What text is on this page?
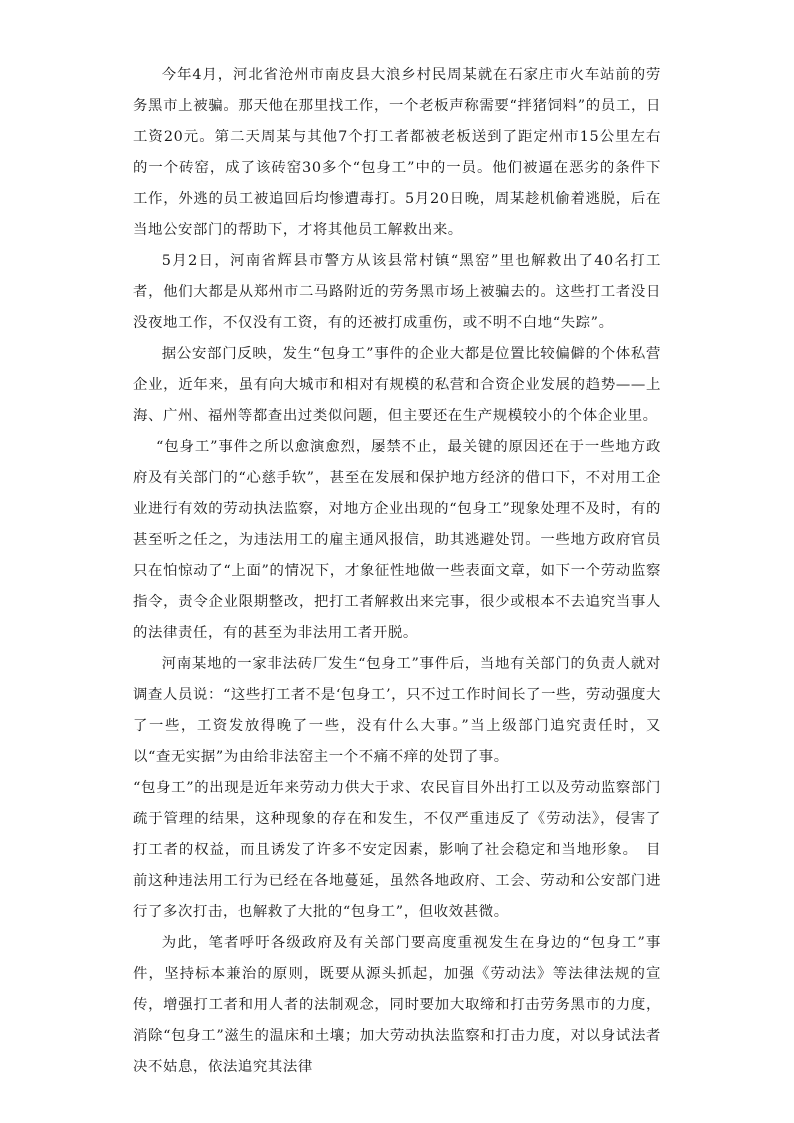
今年4月，河北省沧州市南皮县大浪乡村民周某就在石家庄市火车站前的劳务黑市上被骗。那天他在那里找工作，一个老板声称需要“拌猪饲料”的员工，日工资20元。第二天周某与其他7个打工者都被老板送到了距定州市15公里左右的一个砖窑，成了该砖窑30多个“包身工”中的一员。他们被逼在恶劣的条件下工作，外逃的员工被追回后均惨遭毒打。5月20日晚，周某趁机偷着逃脱，后在当地公安部门的帮助下，才将其他员工解救出来。

5月2日，河南省辉县市警方从该县常村镇“黑窑”里也解救出了40名打工者，他们大都是从郑州市二马路附近的劳务黑市场上被骗去的。这些打工者没日没夜地工作，不仅没有工资，有的还被打成重伤，或不明不白地“失踪”。

据公安部门反映，发生“包身工”事件的企业大都是位置比较偏僻的个体私营企业，近年来，虽有向大城市和相对有规模的私营和合资企业发展的趋势——上海、广州、福州等都查出过类似问题，但主要还在生产规模较小的个体企业里。

“包身工”事件之所以愈演愈烈，屡禁不止，最关键的原因还在于一些地方政府及有关部门的“心慈手软”，甚至在发展和保护地方经济的借口下，不对用工企业进行有效的劳动执法监察，对地方企业出现的“包身工”现象处理不及时，有的甚至听之任之，为违法用工的雇主通风报信，助其逃避处罚。一些地方政府官员只在怕惊动了“上面”的情况下，才象征性地做一些表面文章，如下一个劳动监察指令，责令企业限期整改，把打工者解救出来完事，很少或根本不去追究当事人的法律责任，有的甚至为非法用工者开脱。

河南某地的一家非法砖厂发生“包身工”事件后，当地有关部门的负责人就对调查人员说：“这些打工者不是‘包身工’，只不过工作时间长了一些，劳动强度大了一些，工资发放得晚了一些，没有什么大事。”当上级部门追究责任时，又以“查无实据”为由给非法窑主一个不痛不痒的处罚了事。

“包身工”的出现是近年来劳动力供大于求、农民盲目外出打工以及劳动监察部门疏于管理的结果，这种现象的存在和发生，不仅严重违反了《劳动法》，侵害了打工者的权益，而且诱发了许多不安定因素，影响了社会稳定和当地形象。　目前这种违法用工行为已经在各地蔓延，虽然各地政府、工会、劳动和公安部门进行了多次打击，也解救了大批的“包身工”，但收效甚微。

为此，笔者呼吁各级政府及有关部门要高度重视发生在身边的“包身工”事件，坚持标本兼治的原则，既要从源头抓起，加强《劳动法》等法律法规的宣传，增强打工者和用人者的法制观念，同时要加大取缔和打击劳务黑市的力度，消除“包身工”滋生的温床和土壤；加大劳动执法监察和打击力度，对以身试法者决不姑息，依法追究其法律
